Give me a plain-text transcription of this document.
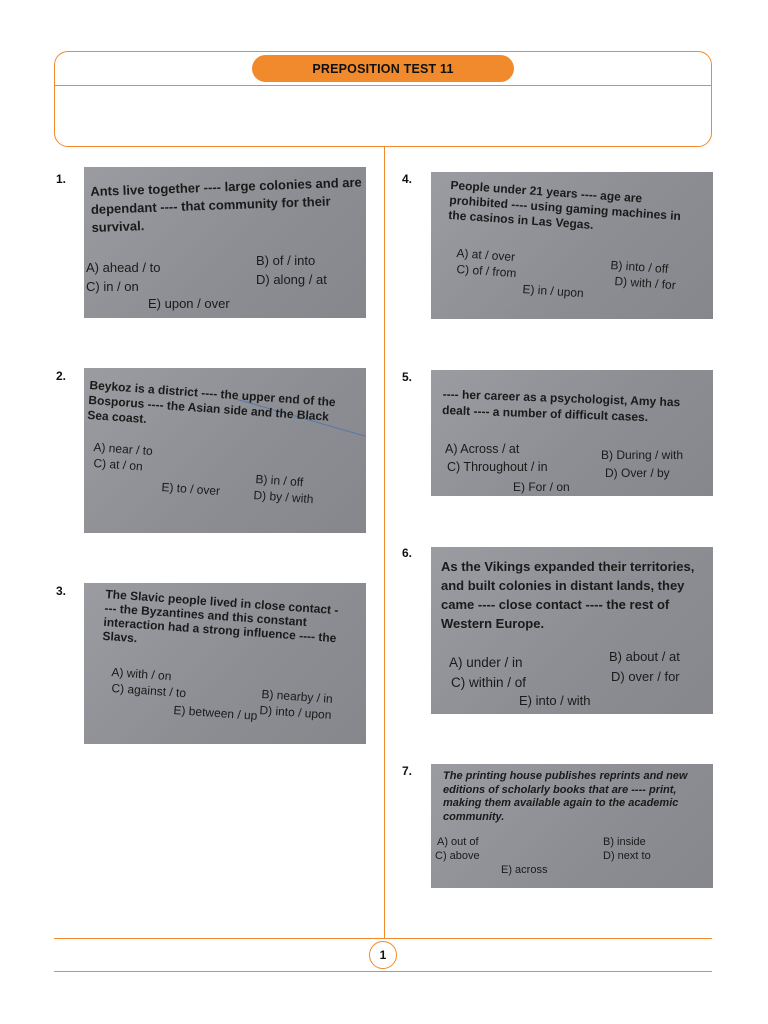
PREPOSITION TEST 11
1. Ants live together ---- large colonies and are dependant ---- that community for their survival.
A) ahead / to	B) of / into
C) in / on	D) along / at
E) upon / over
2.
Beykoz is a district ---- the upper end of the Bosporus ---- the Asian side and the Black Sea coast.
A) near / to
B) in / off
C) at / on
D) by / with
E) to / over
3.	The Slavic people lived in close contact ---- the Byzantines and this constant interaction had a strong influence ---- the Slavs.
A) with / on
B) nearby / in
C) against / to
D) into / upon
E) between / up
4.	People under 21 years ---- age are prohibited ---- using gaming machines in the casinos in Las Vegas.
A) at / over
B) into / off
C) of / from
D) with / for
E) in / upon
5.
---- her career as a psychologist, Amy has dealt ---- a number of difficult cases.
A) Across / at	B) During / with
C) Throughout / in	D) Over / by
E) For / on
6.
As the Vikings expanded their territories, and built colonies in distant lands, they came ---- close contact ---- the rest of Western Europe.
A) under / in	B) about / at
C) within / of	D) over / for
E) into / with
7.	The printing house publishes reprints and new editions of scholarly books that are ---- print, making them available again to the academic community.
A) out of	B) inside
C) above	D) next to
E) across
1
